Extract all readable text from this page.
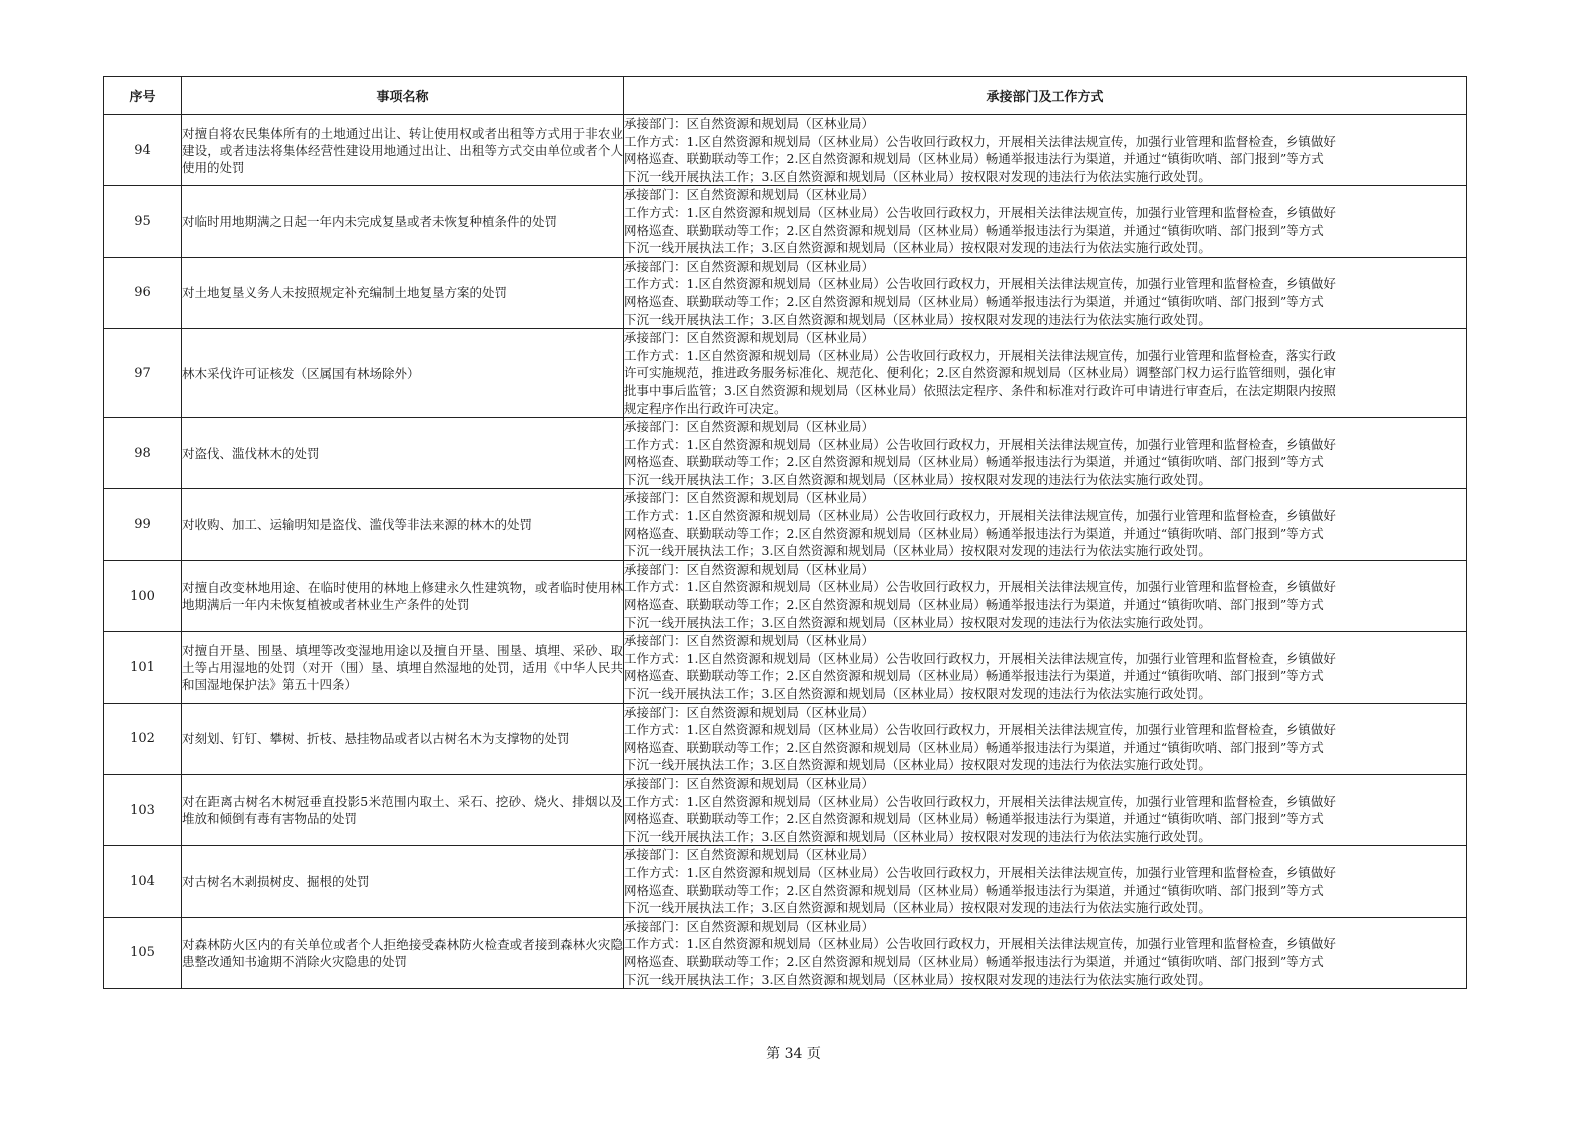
序号	事项名称	承接部门及工作方式
94	对擅自将农民集体所有的土地通过出让、转让使用权或者出租等方式用于非农业建设，或者违法将集体经营性建设用地通过出让、出租等方式交由单位或者个人使用的处罚	承接部门：区自然资源和规划局（区林业局）
工作方式：1.区自然资源和规划局（区林业局）公告收回行政权力，开展相关法律法规宣传，加强行业管理和监督检查，乡镇做好
网格巡查、联勤联动等工作；2.区自然资源和规划局（区林业局）畅通举报违法行为渠道，并通过“镇街吹哨、部门报到”等方式
下沉一线开展执法工作；3.区自然资源和规划局（区林业局）按权限对发现的违法行为依法实施行政处罚。

95	对临时用地期满之日起一年内未完成复垦或者未恢复种植条件的处罚	承接部门：区自然资源和规划局（区林业局）
工作方式：1.区自然资源和规划局（区林业局）公告收回行政权力，开展相关法律法规宣传，加强行业管理和监督检查，乡镇做好
网格巡查、联勤联动等工作；2.区自然资源和规划局（区林业局）畅通举报违法行为渠道，并通过“镇街吹哨、部门报到”等方式
下沉一线开展执法工作；3.区自然资源和规划局（区林业局）按权限对发现的违法行为依法实施行政处罚。

96	对土地复垦义务人未按照规定补充编制土地复垦方案的处罚	承接部门：区自然资源和规划局（区林业局）
工作方式：1.区自然资源和规划局（区林业局）公告收回行政权力，开展相关法律法规宣传，加强行业管理和监督检查，乡镇做好
网格巡查、联勤联动等工作；2.区自然资源和规划局（区林业局）畅通举报违法行为渠道，并通过“镇街吹哨、部门报到”等方式
下沉一线开展执法工作；3.区自然资源和规划局（区林业局）按权限对发现的违法行为依法实施行政处罚。

97	林木采伐许可证核发（区属国有林场除外）	承接部门：区自然资源和规划局（区林业局）
工作方式：1.区自然资源和规划局（区林业局）公告收回行政权力，开展相关法律法规宣传，加强行业管理和监督检查，落实行政
许可实施规范，推进政务服务标准化、规范化、便利化；2.区自然资源和规划局（区林业局）调整部门权力运行监管细则，强化审
批事中事后监管；3.区自然资源和规划局（区林业局）依照法定程序、条件和标准对行政许可申请进行审查后，在法定期限内按照
规定程序作出行政许可决定。

98	对盗伐、滥伐林木的处罚	承接部门：区自然资源和规划局（区林业局）
工作方式：1.区自然资源和规划局（区林业局）公告收回行政权力，开展相关法律法规宣传，加强行业管理和监督检查，乡镇做好
网格巡查、联勤联动等工作；2.区自然资源和规划局（区林业局）畅通举报违法行为渠道，并通过“镇街吹哨、部门报到”等方式
下沉一线开展执法工作；3.区自然资源和规划局（区林业局）按权限对发现的违法行为依法实施行政处罚。

99	对收购、加工、运输明知是盗伐、滥伐等非法来源的林木的处罚	承接部门：区自然资源和规划局（区林业局）
工作方式：1.区自然资源和规划局（区林业局）公告收回行政权力，开展相关法律法规宣传，加强行业管理和监督检查，乡镇做好
网格巡查、联勤联动等工作；2.区自然资源和规划局（区林业局）畅通举报违法行为渠道，并通过“镇街吹哨、部门报到”等方式
下沉一线开展执法工作；3.区自然资源和规划局（区林业局）按权限对发现的违法行为依法实施行政处罚。

100	对擅自改变林地用途、在临时使用的林地上修建永久性建筑物，或者临时使用林地期满后一年内未恢复植被或者林业生产条件的处罚	承接部门：区自然资源和规划局（区林业局）
工作方式：1.区自然资源和规划局（区林业局）公告收回行政权力，开展相关法律法规宣传，加强行业管理和监督检查，乡镇做好
网格巡查、联勤联动等工作；2.区自然资源和规划局（区林业局）畅通举报违法行为渠道，并通过“镇街吹哨、部门报到”等方式
下沉一线开展执法工作；3.区自然资源和规划局（区林业局）按权限对发现的违法行为依法实施行政处罚。

101	对擅自开垦、围垦、填埋等改变湿地用途以及擅自开垦、围垦、填埋、采砂、取土等占用湿地的处罚（对开（围）垦、填埋自然湿地的处罚，适用《中华人民共和国湿地保护法》第五十四条）	承接部门：区自然资源和规划局（区林业局）
工作方式：1.区自然资源和规划局（区林业局）公告收回行政权力，开展相关法律法规宣传，加强行业管理和监督检查，乡镇做好
网格巡查、联勤联动等工作；2.区自然资源和规划局（区林业局）畅通举报违法行为渠道，并通过“镇街吹哨、部门报到”等方式
下沉一线开展执法工作；3.区自然资源和规划局（区林业局）按权限对发现的违法行为依法实施行政处罚。

102	对刻划、钉钉、攀树、折枝、悬挂物品或者以古树名木为支撑物的处罚	承接部门：区自然资源和规划局（区林业局）
工作方式：1.区自然资源和规划局（区林业局）公告收回行政权力，开展相关法律法规宣传，加强行业管理和监督检查，乡镇做好
网格巡查、联勤联动等工作；2.区自然资源和规划局（区林业局）畅通举报违法行为渠道，并通过“镇街吹哨、部门报到”等方式
下沉一线开展执法工作；3.区自然资源和规划局（区林业局）按权限对发现的违法行为依法实施行政处罚。

103	对在距离古树名木树冠垂直投影5米范围内取土、采石、挖砂、烧火、排烟以及堆放和倾倒有毒有害物品的处罚	承接部门：区自然资源和规划局（区林业局）
工作方式：1.区自然资源和规划局（区林业局）公告收回行政权力，开展相关法律法规宣传，加强行业管理和监督检查，乡镇做好
网格巡查、联勤联动等工作；2.区自然资源和规划局（区林业局）畅通举报违法行为渠道，并通过“镇街吹哨、部门报到”等方式
下沉一线开展执法工作；3.区自然资源和规划局（区林业局）按权限对发现的违法行为依法实施行政处罚。

104	对古树名木剥损树皮、掘根的处罚	承接部门：区自然资源和规划局（区林业局）
工作方式：1.区自然资源和规划局（区林业局）公告收回行政权力，开展相关法律法规宣传，加强行业管理和监督检查，乡镇做好
网格巡查、联勤联动等工作；2.区自然资源和规划局（区林业局）畅通举报违法行为渠道，并通过“镇街吹哨、部门报到”等方式
下沉一线开展执法工作；3.区自然资源和规划局（区林业局）按权限对发现的违法行为依法实施行政处罚。

105	对森林防火区内的有关单位或者个人拒绝接受森林防火检查或者接到森林火灾隐患整改通知书逾期不消除火灾隐患的处罚	承接部门：区自然资源和规划局（区林业局）
工作方式：1.区自然资源和规划局（区林业局）公告收回行政权力，开展相关法律法规宣传，加强行业管理和监督检查，乡镇做好
网格巡查、联勤联动等工作；2.区自然资源和规划局（区林业局）畅通举报违法行为渠道，并通过“镇街吹哨、部门报到”等方式
下沉一线开展执法工作；3.区自然资源和规划局（区林业局）按权限对发现的违法行为依法实施行政处罚。
第 34 页
